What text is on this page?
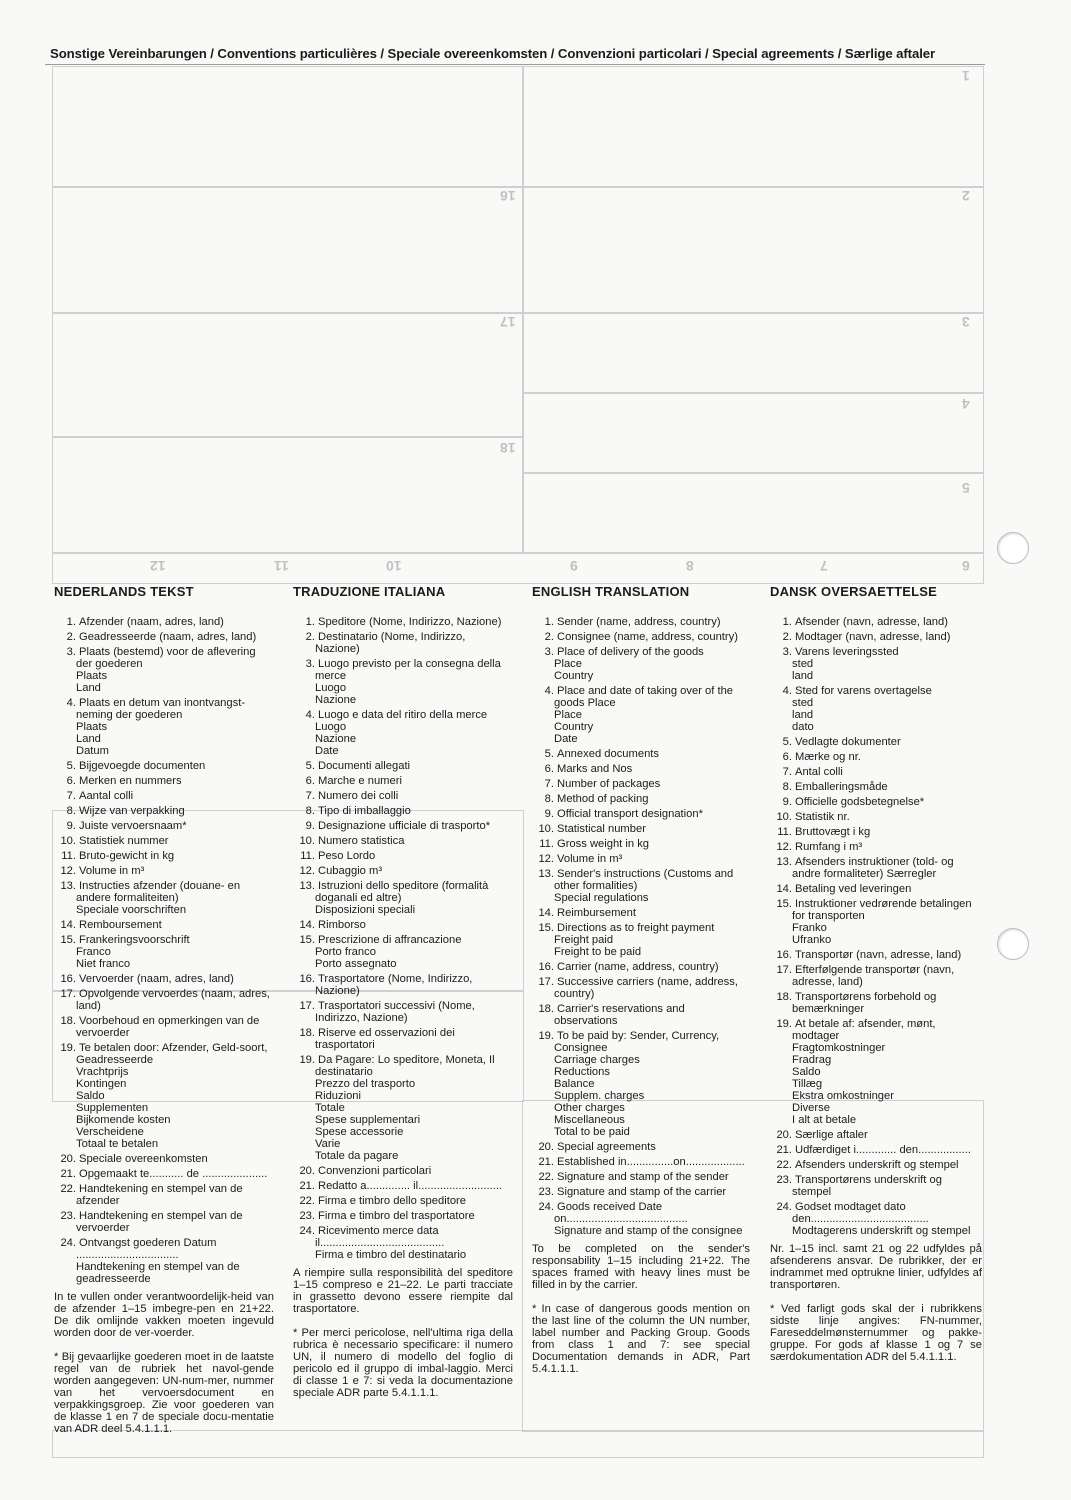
16
17
18
1
2
3
4
5
6
7
8
9
10
11
12
Sonstige Vereinbarungen / Conventions particulières / Speciale overeenkomsten / Convenzioni particolari / Special agreements / Særlige aftaler
NEDERLANDS TEKST
1. Afzender (naam, adres, land)
2. Geadresseerde (naam, adres, land)
3. Plaats (bestemd) voor de aflevering der goederen
Plaats
Land
4. Plaats en detum van inontvangst-neming der goederen
Plaats
Land
Datum
5. Bijgevoegde documenten
6. Merken en nummers
7. Aantal colli
8. Wijze van verpakking
9. Juiste vervoersnaam*
10. Statistiek nummer
11. Bruto-gewicht in kg
12. Volume in m³
13. Instructies afzender (douane- en andere formaliteiten)
Speciale voorschriften
14. Remboursement
15. Frankeringsvoorschrift
Franco
Niet franco
16. Vervoerder (naam, adres, land)
17. Opvolgende vervoerdes (naam, adres, land)
18. Voorbehoud en opmerkingen van de vervoerder
19. Te betalen door: Afzender, Geld-soort, Geadresseerde
Vrachtprijs
Kontingen
Saldo
Supplementen
Bijkomende kosten
Verscheidene
Totaal te betalen
20. Speciale overeenkomsten
21. Opgemaakt te........... de .....................
22. Handtekening en stempel van de afzender
23. Handtekening en stempel van de vervoerder
24. Ontvangst goederen Datum
.................................
Handtekening en stempel van de geadresseerde
In te vullen onder verantwoordelijk-heid van de afzender 1–15 imbegre-pen en 21+22. De dik omlijnde vakken moeten ingevuld worden door de ver-voerder.
* Bij gevaarlijke goederen moet in de laatste regel van de rubriek het navol-gende worden aangegeven: UN-num-mer, nummer van het vervoersdocument en verpakkingsgroep. Zie voor goederen van de klasse 1 en 7 de speciale docu-mentatie van ADR deel 5.4.1.1.1.
TRADUZIONE ITALIANA
1. Speditore (Nome, Indirizzo, Nazione)
2. Destinatario (Nome, Indirizzo, Nazione)
3. Luogo previsto per la consegna della merce
Luogo
Nazione
4. Luogo e data del ritiro della merce
Luogo
Nazione
Date
5. Documenti allegati
6. Marche e numeri
7. Numero dei colli
8. Tipo di imballaggio
9. Designazione ufficiale di trasporto*
10. Numero statistica
11. Peso Lordo
12. Cubaggio m³
13. Istruzioni dello speditore (formalità doganali ed altre)
Disposizioni speciali
14. Rimborso
15. Prescrizione di affrancazione
Porto franco
Porto assegnato
16. Trasportatore (Nome, Indirizzo, Nazione)
17. Trasportatori successivi (Nome, Indirizzo, Nazione)
18. Riserve ed osservazioni dei trasportatori
19. Da Pagare: Lo speditore, Moneta, Il destinatario
Prezzo del trasporto
Riduzioni
Totale
Spese supplementari
Spese accessorie
Varie
Totale da pagare
20. Convenzioni particolari
21. Redatto a.............. il...........................
22. Firma e timbro dello speditore
23. Firma e timbro del trasportatore
24. Ricevimento merce data
il........................................
Firma e timbro del destinatario
A riempire sulla responsibilità del speditore 1–15 compreso e 21–22. Le parti tracciate in grassetto devono essere riempite dal trasportatore.
* Per merci pericolose, nell'ultima riga della rubrica è necessario specificare: il numero UN, il numero di modello del foglio di pericolo ed il gruppo di imbal-laggio. Merci di classe 1 e 7: si veda la documentazione speciale ADR parte 5.4.1.1.1.
ENGLISH TRANSLATION
1. Sender (name, address, country)
2. Consignee (name, address, country)
3. Place of delivery of the goods
Place
Country
4. Place and date of taking over of the goods Place
Place
Country
Date
5. Annexed documents
6. Marks and Nos
7. Number of packages
8. Method of packing
9. Official transport designation*
10. Statistical number
11. Gross weight in kg
12. Volume in m³
13. Sender's instructions (Customs and other formalities)
Special regulations
14. Reimbursement
15. Directions as to freight payment
Freight paid
Freight to be paid
16. Carrier (name, address, country)
17. Successive carriers (name, address, country)
18. Carrier's reservations and observations
19. To be paid by: Sender, Currency, Consignee
Carriage charges
Reductions
Balance
Supplem. charges
Other charges
Miscellaneous
Total to be paid
20. Special agreements
21. Established in...............on...................
22. Signature and stamp of the sender
23. Signature and stamp of the carrier
24. Goods received Date
on.......................................
Signature and stamp of the consignee
To be completed on the sender's responsability 1–15 including 21+22. The spaces framed with heavy lines must be filled in by the carrier.
* In case of dangerous goods mention on the last line of the column the UN number, label number and Packing Group. Goods from class 1 and 7: see special Documentation demands in ADR, Part 5.4.1.1.1.
DANSK OVERSAETTELSE
1. Afsender (navn, adresse, land)
2. Modtager (navn, adresse, land)
3. Varens leveringssted
sted
land
4. Sted for varens overtagelse
sted
land
dato
5. Vedlagte dokumenter
6. Mærke og nr.
7. Antal colli
8. Emballeringsmåde
9. Officielle godsbetegnelse*
10. Statistik nr.
11. Bruttovægt i kg
12. Rumfang i m³
13. Afsenders instruktioner (told- og andre formaliteter) Særregler
14. Betaling ved leveringen
15. Instruktioner vedrørende betalingen for transporten
Franko
Ufranko
16. Transportør (navn, adresse, land)
17. Efterfølgende transportør (navn, adresse, land)
18. Transportørens forbehold og bemærkninger
19. At betale af: afsender, mønt, modtager
Fragtomkostninger
Fradrag
Saldo
Tillæg
Ekstra omkostninger
Diverse
I alt at betale
20. Særlige aftaler
21. Udfærdiget i............. den.................
22. Afsenders underskrift og stempel
23. Transportørens underskrift og stempel
24. Godset modtaget dato
den......................................
Modtagerens underskrift og stempel
Nr. 1–15 incl. samt 21 og 22 udfyldes på afsenderens ansvar. De rubrikker, der er indrammet med optrukne linier, udfyldes af transportøren.
* Ved farligt gods skal der i rubrikkens sidste linje angives: FN-nummer, Fareseddelmønsternummer og pakke-gruppe. For gods af klasse 1 og 7 se særdokumentation ADR del 5.4.1.1.1.
